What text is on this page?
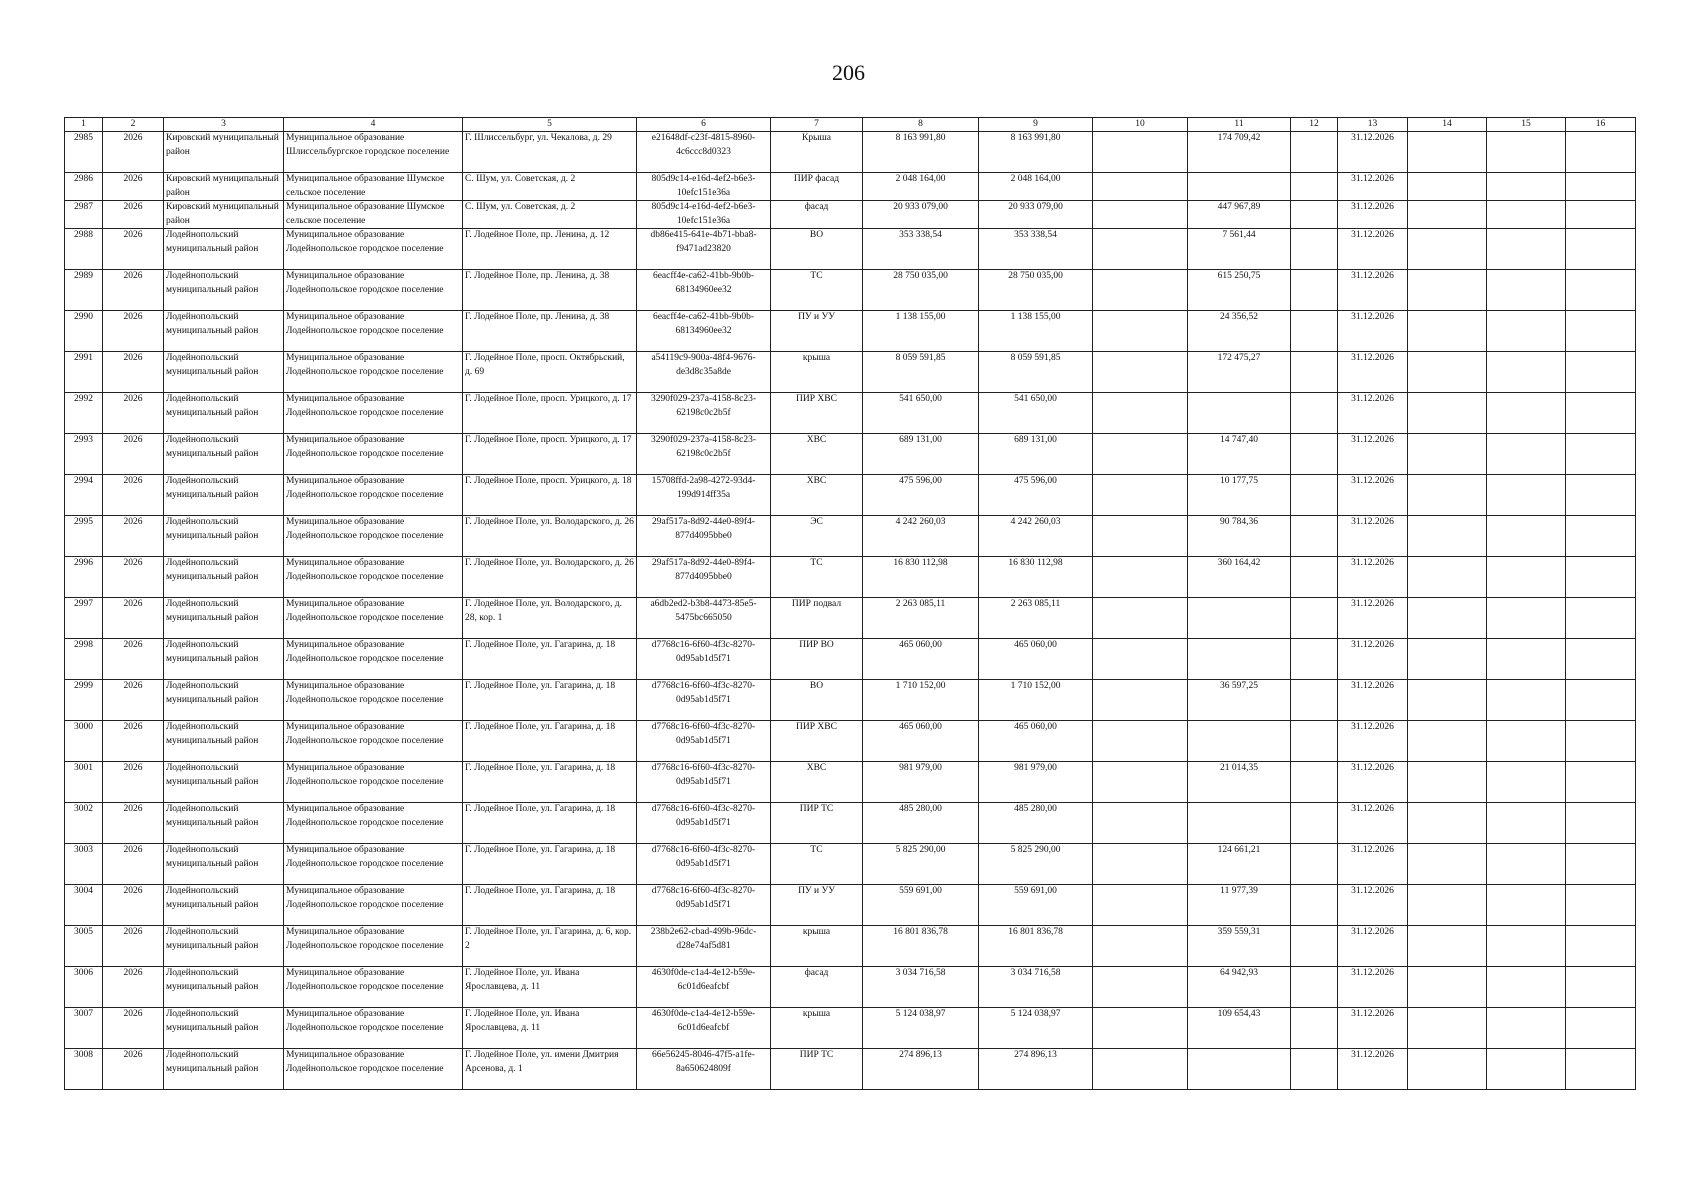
206
1	2	3	4	5	6	7	8	9	10	11	12	13	14	15	16
2985	2026	Кировский муниципальный район	Муниципальное образование Шлиссельбургское городское поселение	Г. Шлиссельбург, ул. Чекалова, д. 29	e21648df-c23f-4815-8960-4c6ccc8d0323	Крыша	8 163 991,80	8 163 991,80		174 709,42		31.12.2026			
2986	2026	Кировский муниципальный район	Муниципальное образование Шумское сельское поселение	С. Шум, ул. Советская, д. 2	805d9c14-e16d-4ef2-b6e3-10efc151e36a	ПИР фасад	2 048 164,00	2 048 164,00				31.12.2026			
2987	2026	Кировский муниципальный район	Муниципальное образование Шумское сельское поселение	С. Шум, ул. Советская, д. 2	805d9c14-e16d-4ef2-b6e3-10efc151e36a	фасад	20 933 079,00	20 933 079,00		447 967,89		31.12.2026			
2988	2026	Лодейнопольский муниципальный район	Муниципальное образование Лодейнопольское городское поселение	Г. Лодейное Поле, пр. Ленина, д. 12	db86e415-641e-4b71-bba8-f9471ad23820	ВО	353 338,54	353 338,54		7 561,44		31.12.2026			
2989	2026	Лодейнопольский муниципальный район	Муниципальное образование Лодейнопольское городское поселение	Г. Лодейное Поле, пр. Ленина, д. 38	6eacff4e-ca62-41bb-9b0b-68134960ee32	ТС	28 750 035,00	28 750 035,00		615 250,75		31.12.2026			
2990	2026	Лодейнопольский муниципальный район	Муниципальное образование Лодейнопольское городское поселение	Г. Лодейное Поле, пр. Ленина, д. 38	6eacff4e-ca62-41bb-9b0b-68134960ee32	ПУ и УУ	1 138 155,00	1 138 155,00		24 356,52		31.12.2026			
2991	2026	Лодейнопольский муниципальный район	Муниципальное образование Лодейнопольское городское поселение	Г. Лодейное Поле, просп. Октябрьский, д. 69	a54119c9-900a-48f4-9676-de3d8c35a8de	крыша	8 059 591,85	8 059 591,85		172 475,27		31.12.2026			
2992	2026	Лодейнопольский муниципальный район	Муниципальное образование Лодейнопольское городское поселение	Г. Лодейное Поле, просп. Урицкого, д. 17	3290f029-237a-4158-8c23-62198c0c2b5f	ПИР ХВС	541 650,00	541 650,00				31.12.2026			
2993	2026	Лодейнопольский муниципальный район	Муниципальное образование Лодейнопольское городское поселение	Г. Лодейное Поле, просп. Урицкого, д. 17	3290f029-237a-4158-8c23-62198c0c2b5f	ХВС	689 131,00	689 131,00		14 747,40		31.12.2026			
2994	2026	Лодейнопольский муниципальный район	Муниципальное образование Лодейнопольское городское поселение	Г. Лодейное Поле, просп. Урицкого, д. 18	15708ffd-2a98-4272-93d4-199d914ff35a	ХВС	475 596,00	475 596,00		10 177,75		31.12.2026			
2995	2026	Лодейнопольский муниципальный район	Муниципальное образование Лодейнопольское городское поселение	Г. Лодейное Поле, ул. Володарского, д. 26	29af517a-8d92-44e0-89f4-877d4095bbe0	ЭС	4 242 260,03	4 242 260,03		90 784,36		31.12.2026			
2996	2026	Лодейнопольский муниципальный район	Муниципальное образование Лодейнопольское городское поселение	Г. Лодейное Поле, ул. Володарского, д. 26	29af517a-8d92-44e0-89f4-877d4095bbe0	ТС	16 830 112,98	16 830 112,98		360 164,42		31.12.2026			
2997	2026	Лодейнопольский муниципальный район	Муниципальное образование Лодейнопольское городское поселение	Г. Лодейное Поле, ул. Володарского, д. 28, кор. 1	a6db2ed2-b3b8-4473-85e5-5475bc665050	ПИР подвал	2 263 085,11	2 263 085,11				31.12.2026			
2998	2026	Лодейнопольский муниципальный район	Муниципальное образование Лодейнопольское городское поселение	Г. Лодейное Поле, ул. Гагарина, д. 18	d7768c16-6f60-4f3c-8270-0d95ab1d5f71	ПИР ВО	465 060,00	465 060,00				31.12.2026			
2999	2026	Лодейнопольский муниципальный район	Муниципальное образование Лодейнопольское городское поселение	Г. Лодейное Поле, ул. Гагарина, д. 18	d7768c16-6f60-4f3c-8270-0d95ab1d5f71	ВО	1 710 152,00	1 710 152,00		36 597,25		31.12.2026			
3000	2026	Лодейнопольский муниципальный район	Муниципальное образование Лодейнопольское городское поселение	Г. Лодейное Поле, ул. Гагарина, д. 18	d7768c16-6f60-4f3c-8270-0d95ab1d5f71	ПИР ХВС	465 060,00	465 060,00				31.12.2026			
3001	2026	Лодейнопольский муниципальный район	Муниципальное образование Лодейнопольское городское поселение	Г. Лодейное Поле, ул. Гагарина, д. 18	d7768c16-6f60-4f3c-8270-0d95ab1d5f71	ХВС	981 979,00	981 979,00		21 014,35		31.12.2026			
3002	2026	Лодейнопольский муниципальный район	Муниципальное образование Лодейнопольское городское поселение	Г. Лодейное Поле, ул. Гагарина, д. 18	d7768c16-6f60-4f3c-8270-0d95ab1d5f71	ПИР ТС	485 280,00	485 280,00				31.12.2026			
3003	2026	Лодейнопольский муниципальный район	Муниципальное образование Лодейнопольское городское поселение	Г. Лодейное Поле, ул. Гагарина, д. 18	d7768c16-6f60-4f3c-8270-0d95ab1d5f71	ТС	5 825 290,00	5 825 290,00		124 661,21		31.12.2026			
3004	2026	Лодейнопольский муниципальный район	Муниципальное образование Лодейнопольское городское поселение	Г. Лодейное Поле, ул. Гагарина, д. 18	d7768c16-6f60-4f3c-8270-0d95ab1d5f71	ПУ и УУ	559 691,00	559 691,00		11 977,39		31.12.2026			
3005	2026	Лодейнопольский муниципальный район	Муниципальное образование Лодейнопольское городское поселение	Г. Лодейное Поле, ул. Гагарина, д. 6, кор. 2	238b2e62-cbad-499b-96dc-d28e74af5d81	крыша	16 801 836,78	16 801 836,78		359 559,31		31.12.2026			
3006	2026	Лодейнопольский муниципальный район	Муниципальное образование Лодейнопольское городское поселение	Г. Лодейное Поле, ул. Ивана Ярославцева, д. 11	4630f0de-c1a4-4e12-b59e-6c01d6eafcbf	фасад	3 034 716,58	3 034 716,58		64 942,93		31.12.2026			
3007	2026	Лодейнопольский муниципальный район	Муниципальное образование Лодейнопольское городское поселение	Г. Лодейное Поле, ул. Ивана Ярославцева, д. 11	4630f0de-c1a4-4e12-b59e-6c01d6eafcbf	крыша	5 124 038,97	5 124 038,97		109 654,43		31.12.2026			
3008	2026	Лодейнопольский муниципальный район	Муниципальное образование Лодейнопольское городское поселение	Г. Лодейное Поле, ул. имени Дмитрия Арсенова, д. 1	66e56245-8046-47f5-a1fe-8a650624809f	ПИР ТС	274 896,13	274 896,13				31.12.2026			
